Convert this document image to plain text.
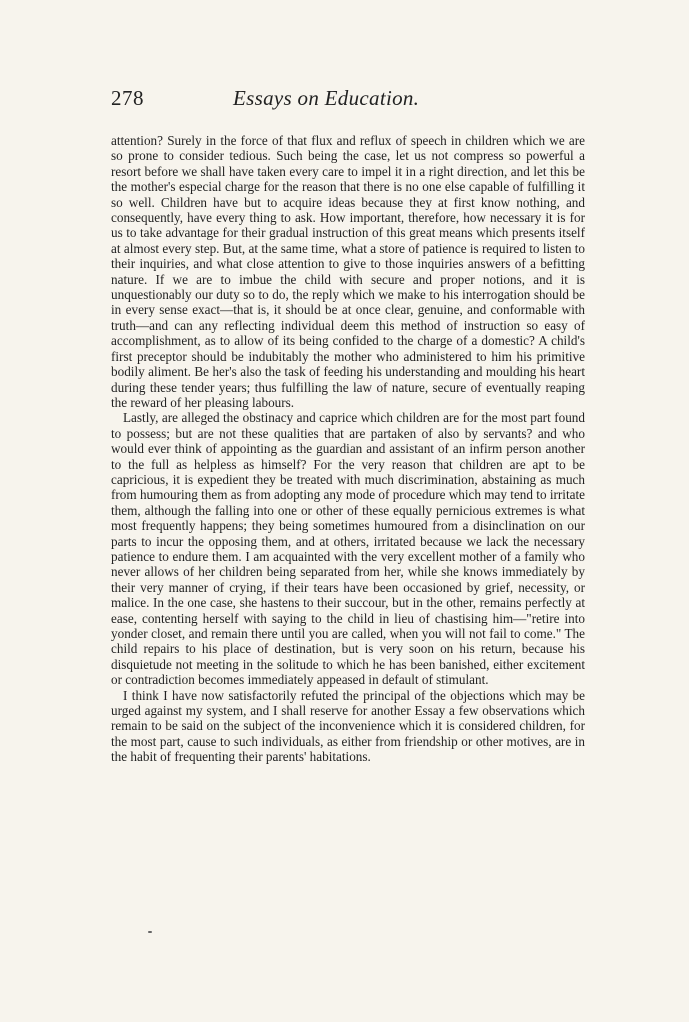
278	Essays on Education.

attention? Surely in the force of that flux and reflux of speech in children which we are so prone to consider tedious. Such being the case, let us not compress so powerful a resort before we shall have taken every care to impel it in a right direction, and let this be the mother's especial charge for the reason that there is no one else capable of fulfilling it so well. Children have but to acquire ideas because they at first know nothing, and consequently, have every thing to ask. How important, therefore, how necessary it is for us to take advantage for their gradual instruction of this great means which presents itself at almost every step. But, at the same time, what a store of patience is required to listen to their inquiries, and what close attention to give to those inquiries answers of a befitting nature. If we are to imbue the child with secure and proper notions, and it is unquestionably our duty so to do, the reply which we make to his interrogation should be in every sense exact—that is, it should be at once clear, genuine, and conformable with truth—and can any reflecting individual deem this method of instruction so easy of accomplishment, as to allow of its being confided to the charge of a domestic? A child's first preceptor should be indubitably the mother who administered to him his primitive bodily aliment. Be her's also the task of feeding his understanding and moulding his heart during these tender years; thus fulfilling the law of nature, secure of eventually reaping the reward of her pleasing labours.

Lastly, are alleged the obstinacy and caprice which children are for the most part found to possess; but are not these qualities that are partaken of also by servants? and who would ever think of appointing as the guardian and assistant of an infirm person another to the full as helpless as himself? For the very reason that children are apt to be capricious, it is expedient they be treated with much discrimination, abstaining as much from humouring them as from adopting any mode of procedure which may tend to irritate them, although the falling into one or other of these equally pernicious extremes is what most frequently happens; they being sometimes humoured from a disinclination on our parts to incur the opposing them, and at others, irritated because we lack the necessary patience to endure them. I am acquainted with the very excellent mother of a family who never allows of her children being separated from her, while she knows immediately by their very manner of crying, if their tears have been occasioned by grief, necessity, or malice. In the one case, she hastens to their succour, but in the other, remains perfectly at ease, contenting herself with saying to the child in lieu of chastising him—"retire into yonder closet, and remain there until you are called, when you will not fail to come." The child repairs to his place of destination, but is very soon on his return, because his disquietude not meeting in the solitude to which he has been banished, either excitement or contradiction becomes immediately appeased in default of stimulant.

I think I have now satisfactorily refuted the principal of the objections which may be urged against my system, and I shall reserve for another Essay a few observations which remain to be said on the subject of the inconvenience which it is considered children, for the most part, cause to such individuals, as either from friendship or other motives, are in the habit of frequenting their parents' habitations.
